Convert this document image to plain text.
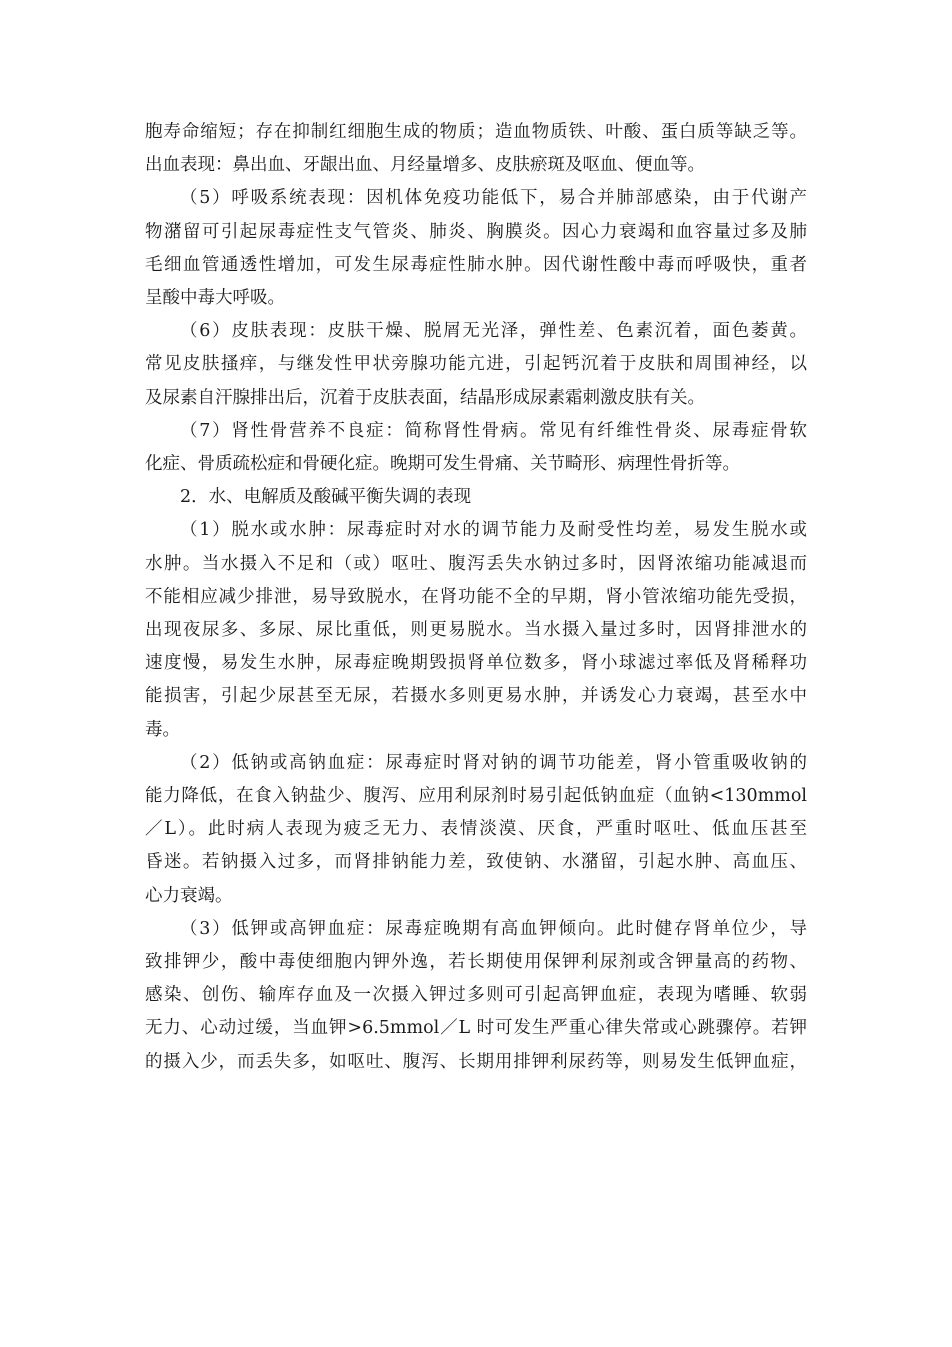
胞寿命缩短；存在抑制红细胞生成的物质；造血物质铁、叶酸、蛋白质等缺乏等。
出血表现：鼻出血、牙龈出血、月经量增多、皮肤瘀斑及呕血、便血等。
（5）呼吸系统表现：因机体免疫功能低下，易合并肺部感染，由于代谢产
物潴留可引起尿毒症性支气管炎、肺炎、胸膜炎。因心力衰竭和血容量过多及肺
毛细血管通透性增加，可发生尿毒症性肺水肿。因代谢性酸中毒而呼吸快，重者
呈酸中毒大呼吸。
（6）皮肤表现：皮肤干燥、脱屑无光泽，弹性差、色素沉着，面色萎黄。
常见皮肤搔痒，与继发性甲状旁腺功能亢进，引起钙沉着于皮肤和周围神经，以
及尿素自汗腺排出后，沉着于皮肤表面，结晶形成尿素霜刺激皮肤有关。
（7）肾性骨营养不良症：简称肾性骨病。常见有纤维性骨炎、尿毒症骨软
化症、骨质疏松症和骨硬化症。晚期可发生骨痛、关节畸形、病理性骨折等。
2．水、电解质及酸碱平衡失调的表现
（1）脱水或水肿：尿毒症时对水的调节能力及耐受性均差，易发生脱水或
水肿。当水摄入不足和（或）呕吐、腹泻丢失水钠过多时，因肾浓缩功能减退而
不能相应减少排泄，易导致脱水，在肾功能不全的早期，肾小管浓缩功能先受损，
出现夜尿多、多尿、尿比重低，则更易脱水。当水摄入量过多时，因肾排泄水的
速度慢，易发生水肿，尿毒症晚期毁损肾单位数多，肾小球滤过率低及肾稀释功
能损害，引起少尿甚至无尿，若摄水多则更易水肿，并诱发心力衰竭，甚至水中
毒。
（2）低钠或高钠血症：尿毒症时肾对钠的调节功能差，肾小管重吸收钠的
能力降低，在食入钠盐少、腹泻、应用利尿剂时易引起低钠血症（血钠<130mmol
／L）。此时病人表现为疲乏无力、表情淡漠、厌食，严重时呕吐、低血压甚至
昏迷。若钠摄入过多，而肾排钠能力差，致使钠、水潴留，引起水肿、高血压、
心力衰竭。
（3）低钾或高钾血症：尿毒症晚期有高血钾倾向。此时健存肾单位少，导
致排钾少，酸中毒使细胞内钾外逸，若长期使用保钾利尿剂或含钾量高的药物、
感染、创伤、输库存血及一次摄入钾过多则可引起高钾血症，表现为嗜睡、软弱
无力、心动过缓，当血钾>6.5mmol／L 时可发生严重心律失常或心跳骤停。若钾
的摄入少，而丢失多，如呕吐、腹泻、长期用排钾利尿药等，则易发生低钾血症，
